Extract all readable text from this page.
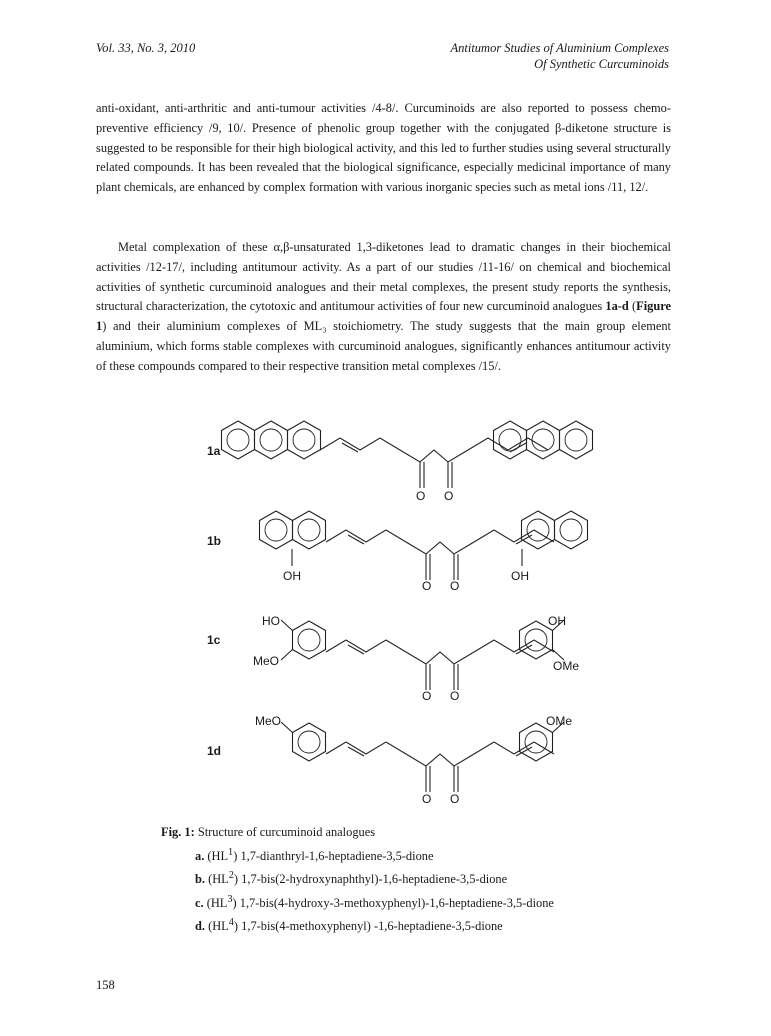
Vol. 33, No. 3, 2010	Antitumor Studies of Aluminium Complexes
Of Synthetic Curcuminoids

anti-oxidant, anti-arthritic and anti-tumour activities /4-8/. Curcuminoids are also reported to possess chemo-preventive efficiency /9, 10/. Presence of phenolic group together with the conjugated β-diketone structure is suggested to be responsible for their high biological activity, and this led to further studies using several structurally related compounds. It has been revealed that the biological significance, especially medicinal importance of many plant chemicals, are enhanced by complex formation with various inorganic species such as metal ions /11, 12/.

Metal complexation of these α,β-unsaturated 1,3-diketones lead to dramatic changes in their biochemical activities /12-17/, including antitumour activity. As a part of our studies /11-16/ on chemical and biochemical activities of synthetic curcuminoid analogues and their metal complexes, the present study reports the synthesis, structural characterization, the cytotoxic and antitumour activities of four new curcuminoid analogues 1a-d (Figure 1) and their aluminium complexes of ML₃ stoichiometry. The study suggests that the main group element aluminium, which forms stable complexes with curcuminoid analogues, significantly enhances antitumour activity of these compounds compared to their respective transition metal complexes /15/.

1a
O O
1b
OH
O O
OH
1c
HO	OH
MeO	OMe
O O
1d
MeO	OMe
O O
Fig. 1: Structure of curcuminoid analogues
a. $(HL^1)$ 1,7-dianthryl-1,6-heptadiene-3,5-dione
b. $(HL^2)$ 1,7-bis(2-hydroxynaphthyl)-1,6-heptadiene-3,5-dione
c. $(HL^3)$ 1,7-bis(4-hydroxy-3-methoxyphenyl)-1,6-heptadiene-3,5-dione
d. $(HL^4)$ 1,7-bis(4-methoxyphenyl) -1,6-heptadiene-3,5-dione
158
